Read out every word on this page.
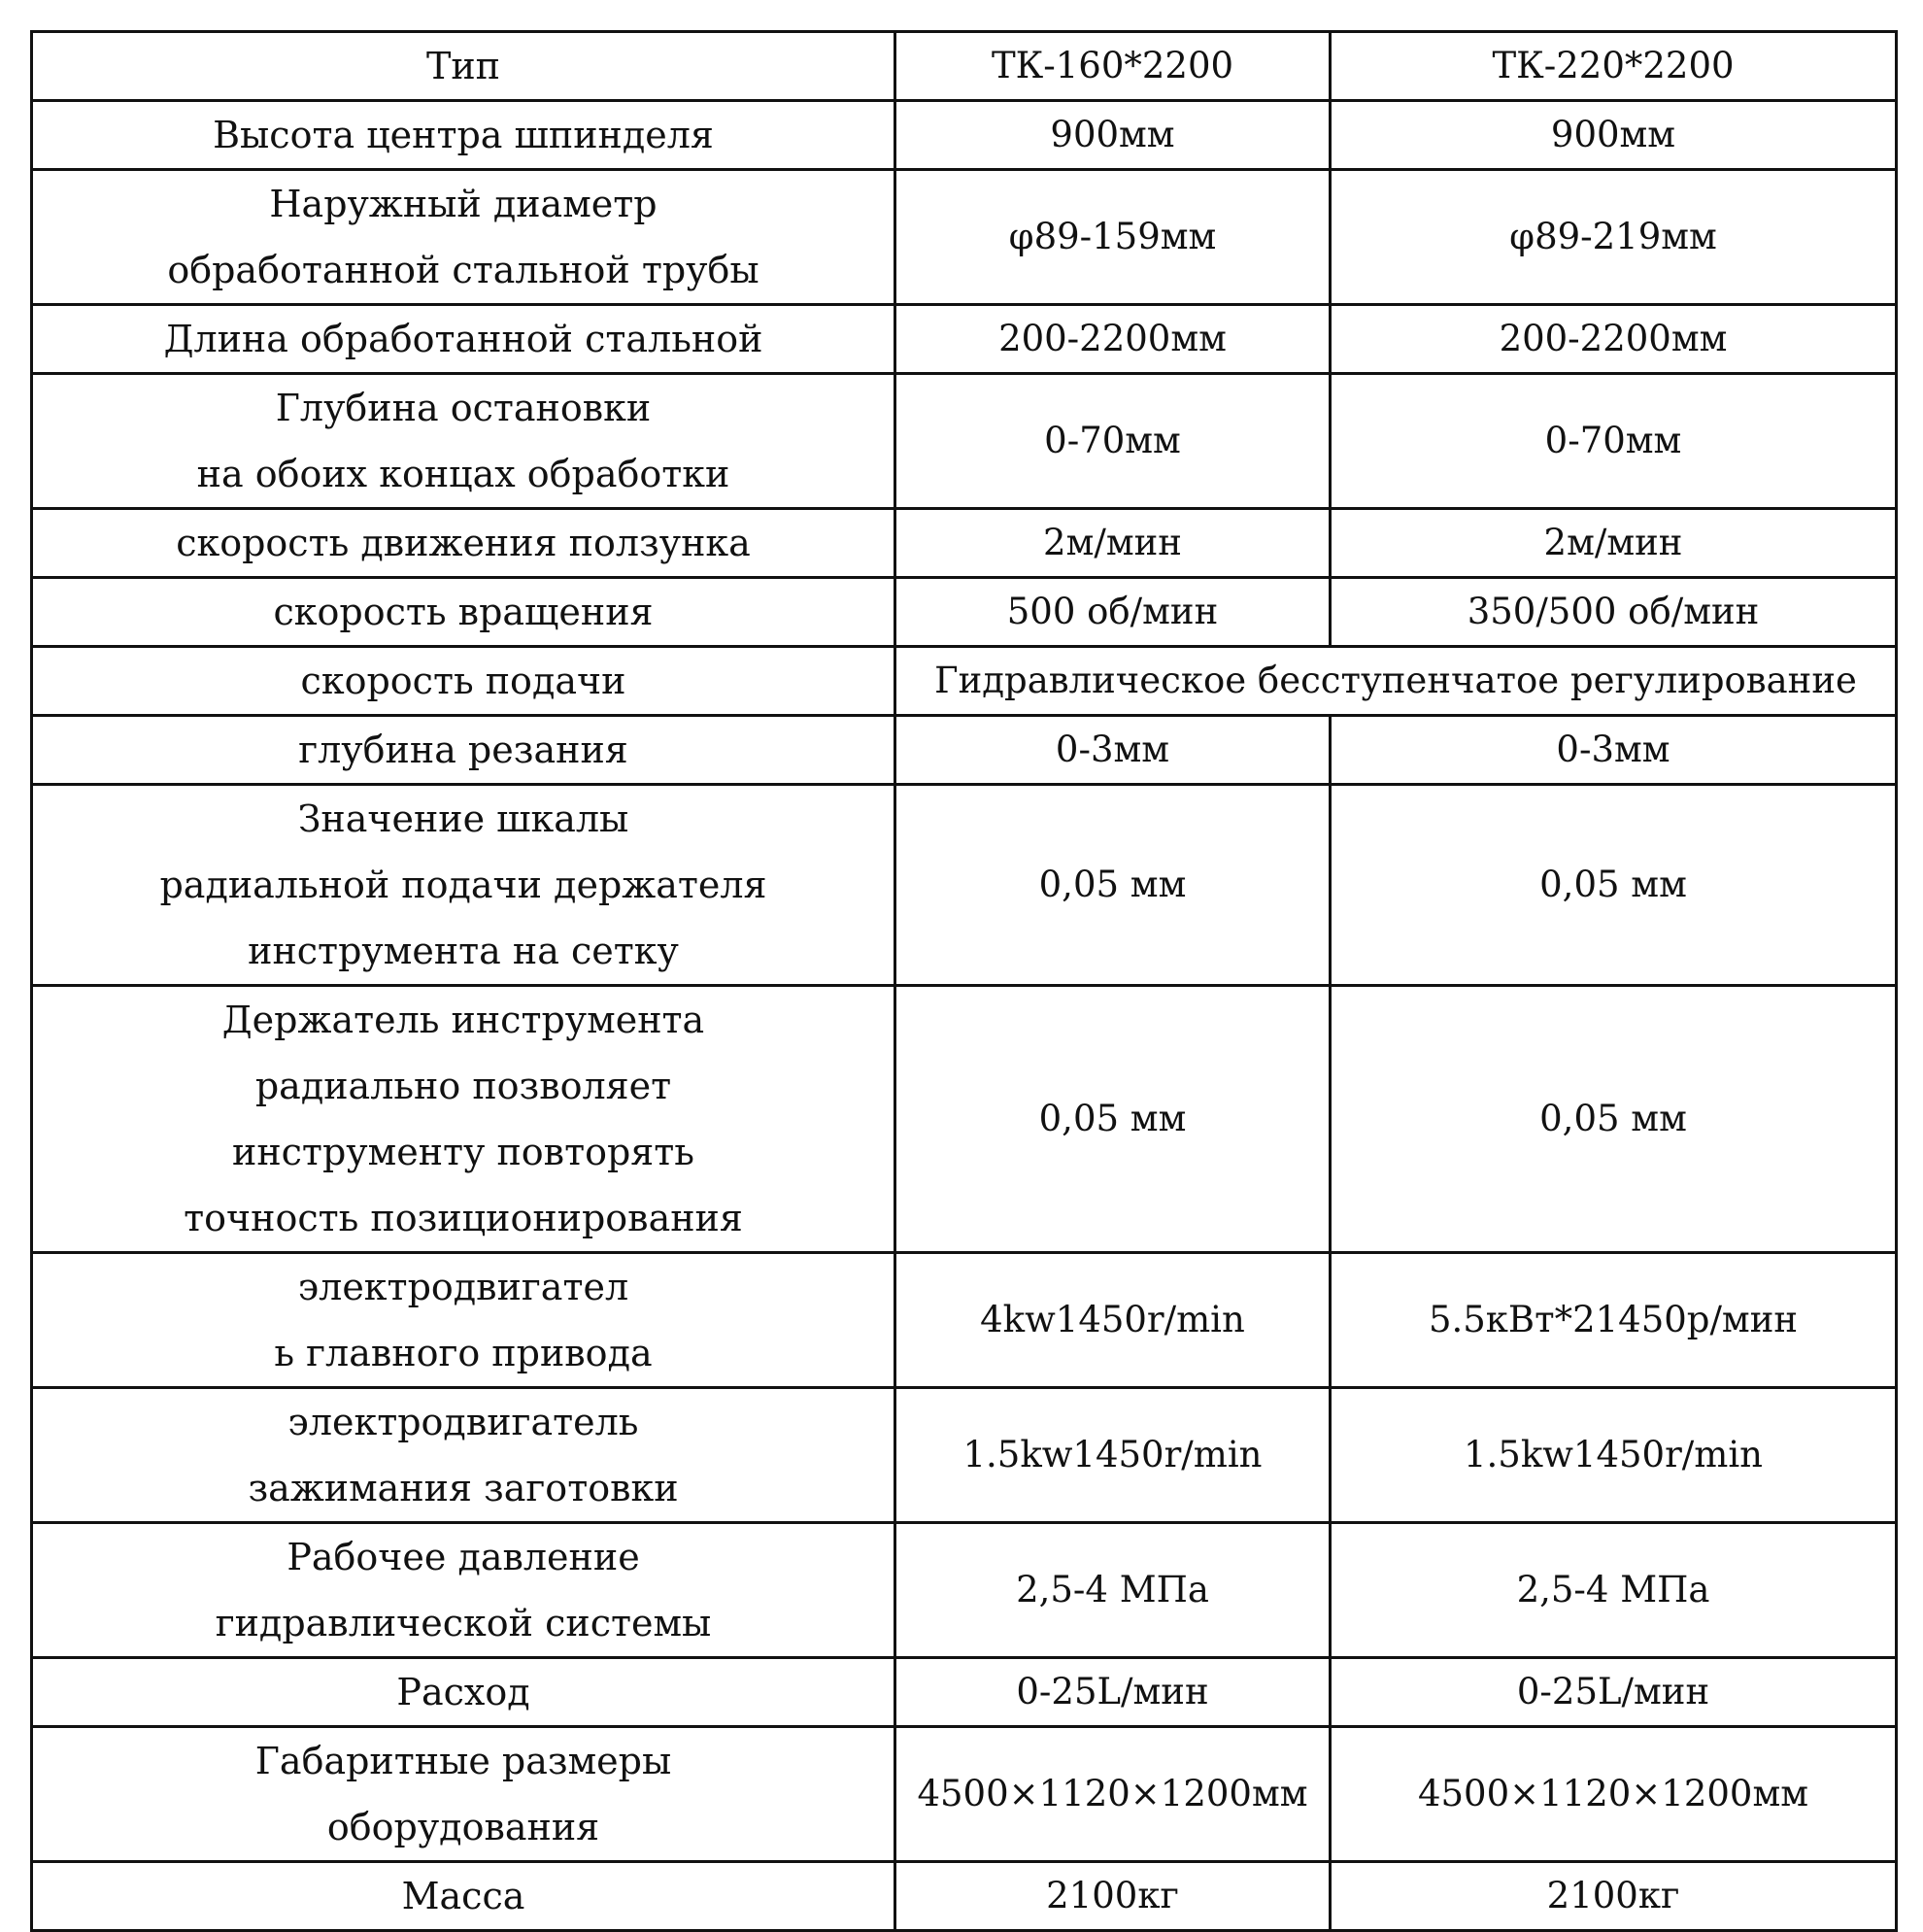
Тип	ТК-160*2200	ТК-220*2200
Высота центра шпинделя	900мм	900мм
Наружный диаметр
обработанной стальной трубы	φ89-159мм	φ89-219мм
Длина обработанной стальной	200-2200мм	200-2200мм
Глубина остановки
на обоих концах обработки	0-70мм	0-70мм
скорость движения ползунка	2м/мин	2м/мин
скорость вращения	500 об/мин	350/500 об/мин
скорость подачи	Гидравлическое бесступенчатое регулирование	
глубина резания	0-3мм	0-3мм
Значение шкалы
радиальной подачи держателя
инструмента на сетку	0,05 мм	0,05 мм
Держатель инструмента
радиально позволяет
инструменту повторять
точность позиционирования	0,05 мм	0,05 мм
электродвигател
ь главного привода	4kw1450r/min	5.5кВт*21450р/мин
электродвигатель
зажимания заготовки	1.5kw1450r/min	1.5kw1450r/min
Рабочее давление
гидравлической системы	2,5-4 МПа	2,5-4 МПа
Расход	0-25L/мин	0-25L/мин
Габаритные размеры
оборудования	4500×1120×1200мм	4500×1120×1200мм
Масса	2100кг	2100кг
